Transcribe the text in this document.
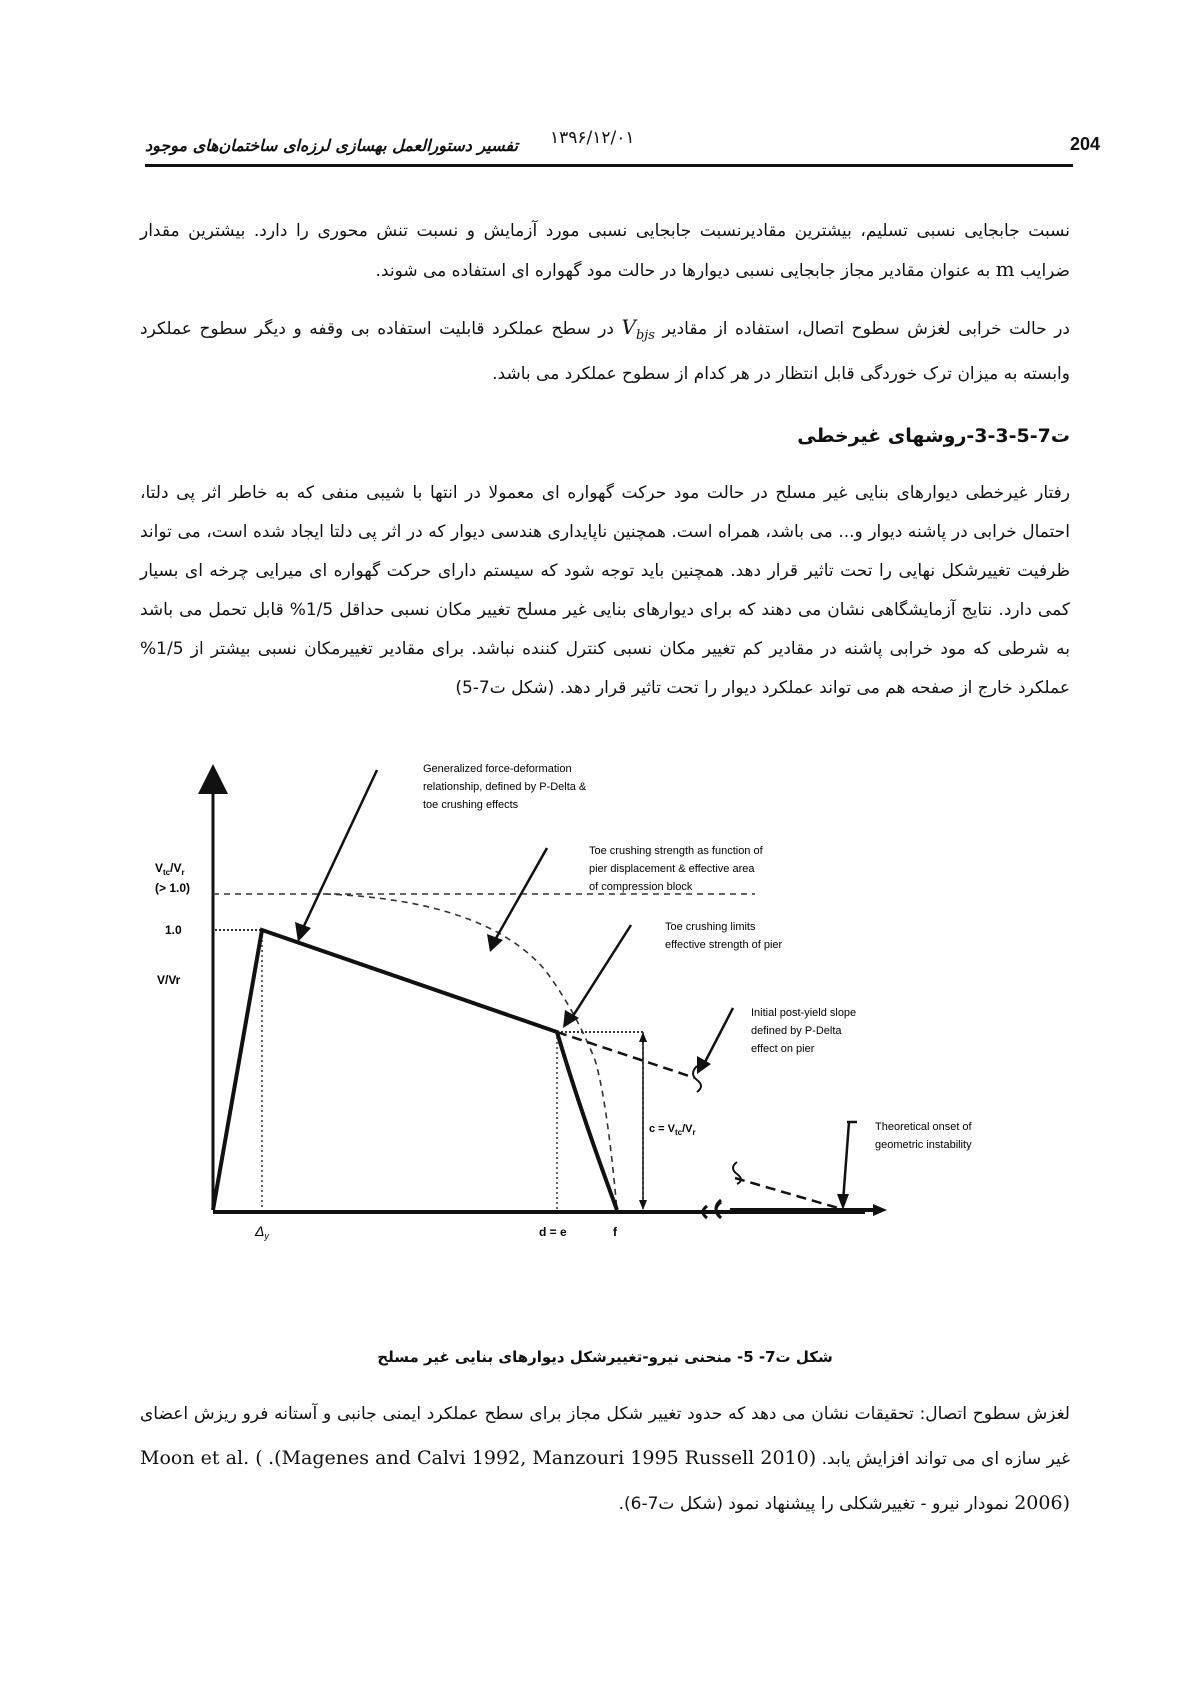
204
۱۳۹۶/۱۲/۰۱
تفسیر دستورالعمل بهسازی لرزه‌ای ساختمان‌های موجود
نسبت جابجایی نسبی تسلیم، بیشترین مقادیرنسبت جابجایی نسبی مورد آزمایش و نسبت تنش محوری را دارد. بیشترین مقدار ضرایب m به عنوان مقادیر مجاز جابجایی نسبی دیوارها در حالت مود گهواره ای استفاده می شوند.
در حالت خرابی لغزش سطوح اتصال، استفاده از مقادیر $V_{bjs}$ در سطح عملکرد قابلیت استفاده بی وقفه و دیگر سطوح عملکرد وابسته به میزان ترک خوردگی قابل انتظار در هر کدام از سطوح عملکرد می باشد.
ت7-5-3-3-روشهای غیرخطی
رفتار غیرخطی دیوارهای بنایی غیر مسلح در حالت مود حرکت گهواره ای معمولا در انتها با شیبی منفی که به خاطر اثر پی دلتا، احتمال خرابی در پاشنه دیوار و... می باشد، همراه است. همچنین ناپایداری هندسی دیوار که در اثر پی دلتا ایجاد شده است، می تواند ظرفیت تغییرشکل نهایی را تحت تاثیر قرار دهد. همچنین باید توجه شود که سیستم دارای حرکت گهواره ای میرایی چرخه ای بسیار کمی دارد. نتایج آزمایشگاهی نشان می دهند که برای دیوارهای بنایی غیر مسلح تغییر مکان نسبی حداقل 1/5% قابل تحمل می باشد به شرطی که مود خرابی پاشنه در مقادیر کم تغییر مکان نسبی کنترل کننده نباشد. برای مقادیر تغییرمکان نسبی بیشتر از 1/5% عملکرد خارج از صفحه هم می تواند عملکرد دیوار را تحت تاثیر قرار دهد. (شکل ت7-5)
$V_{tc}/V_r$
(> 1.0)
1.0
V/Vr
$\Delta_y$	d = e	f
$c = V_{tc}/V_r$
Generalized force-deformation
relationship, defined by P-Delta &
toe crushing effects
Toe crushing strength as function of
pier displacement & effective area
of compression block
Toe crushing limits
effective strength of pier
Initial post-yield slope
defined by P-Delta
effect on pier
Theoretical onset of
geometric instability
شکل ت7- 5- منحنی نیرو-تغییرشکل دیوارهای بنایی غیر مسلح
لغزش سطوح اتصال: تحقیقات نشان می دهد که حدود تغییر شکل مجاز برای سطح عملکرد ایمنی جانبی و آستانه فرو ریزش اعضای غیر سازه ای می تواند افزایش یابد. (Magenes and Calvi 1992, Manzouri 1995 Russell 2010). Moon et al. ( 2006) نمودار نیرو - تغییرشکلی را پیشنهاد نمود (شکل ت7-6).
